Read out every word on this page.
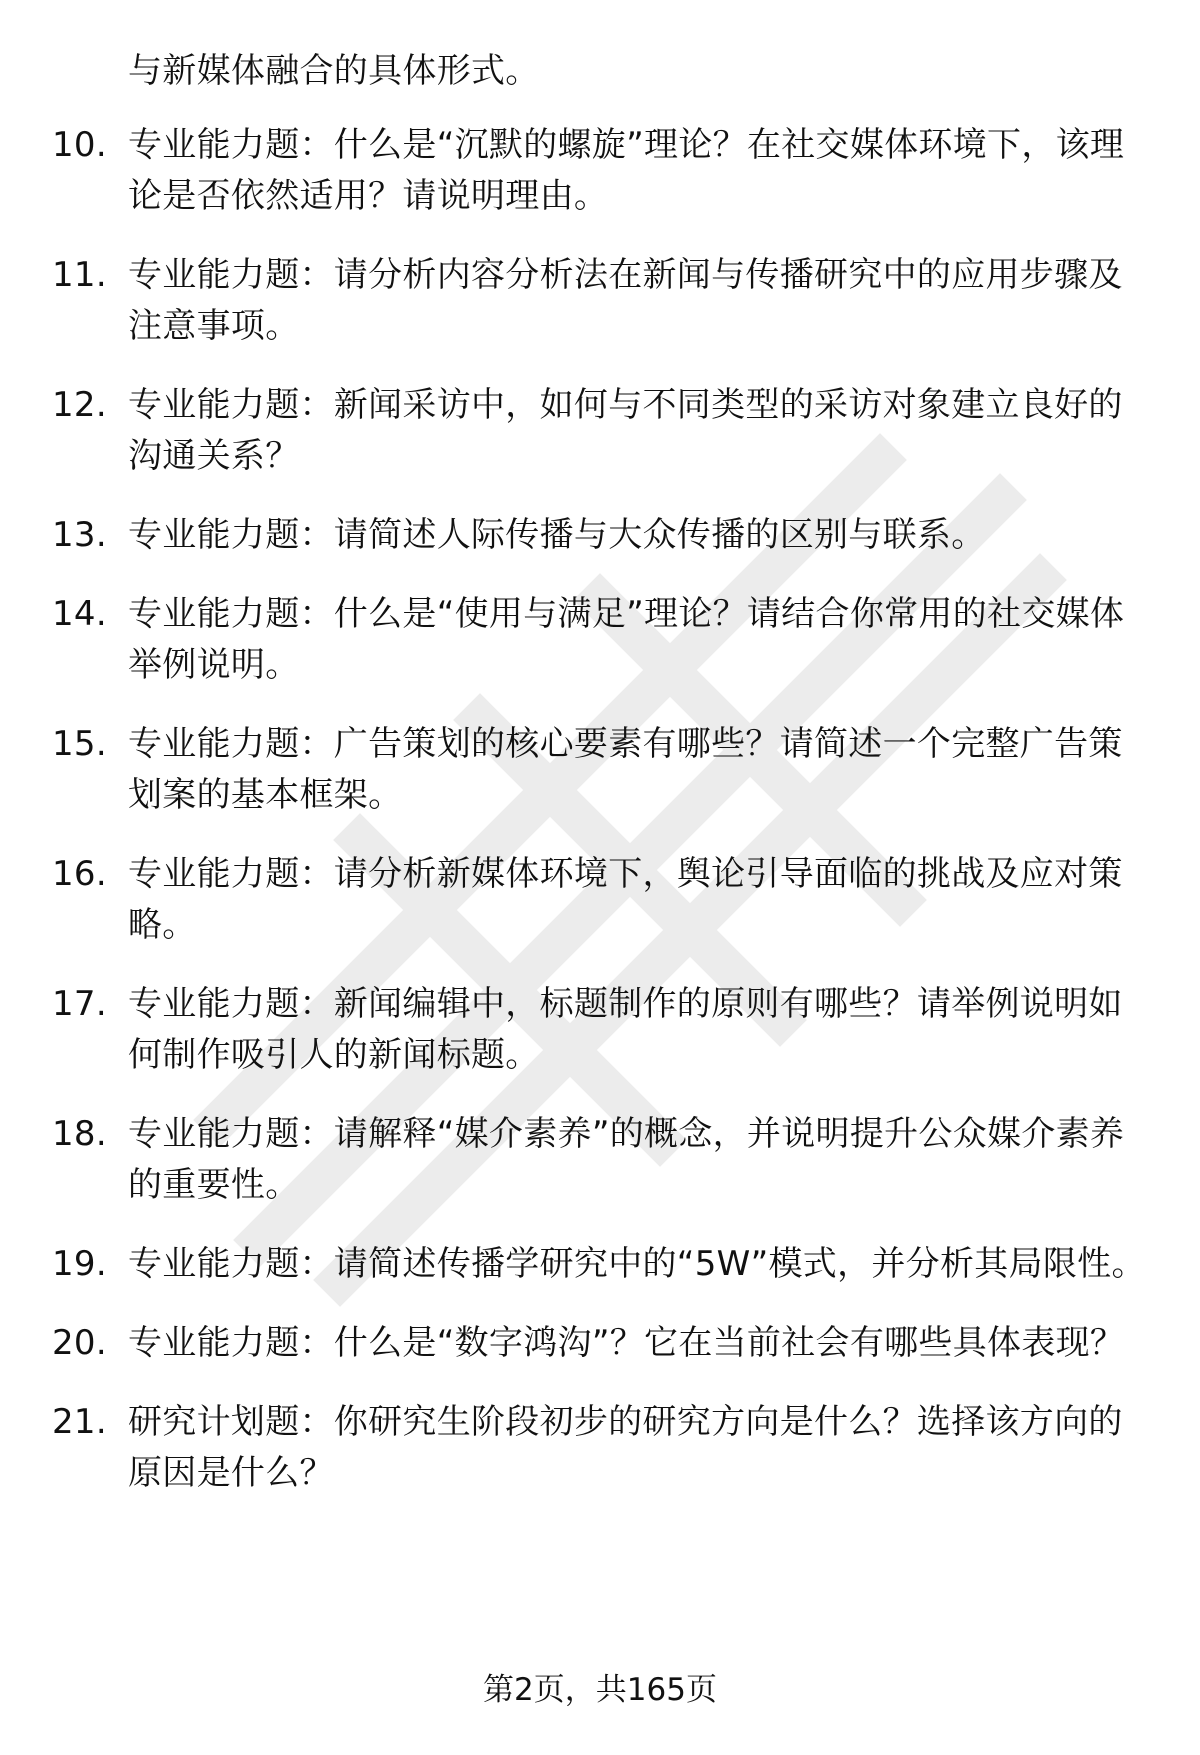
与新媒体融合的具体形式。
10. 专业能力题：什么是“沉默的螺旋”理论？在社交媒体环境下，该理论是否依然适用？请说明理由。
11. 专业能力题：请分析内容分析法在新闻与传播研究中的应用步骤及注意事项。
12. 专业能力题：新闻采访中，如何与不同类型的采访对象建立良好的沟通关系？
13. 专业能力题：请简述人际传播与大众传播的区别与联系。
14. 专业能力题：什么是“使用与满足”理论？请结合你常用的社交媒体举例说明。
15. 专业能力题：广告策划的核心要素有哪些？请简述一个完整广告策划案的基本框架。
16. 专业能力题：请分析新媒体环境下，舆论引导面临的挑战及应对策略。
17. 专业能力题：新闻编辑中，标题制作的原则有哪些？请举例说明如何制作吸引人的新闻标题。
18. 专业能力题：请解释“媒介素养”的概念，并说明提升公众媒介素养的重要性。
19. 专业能力题：请简述传播学研究中的“5W”模式，并分析其局限性。
20. 专业能力题：什么是“数字鸿沟”？它在当前社会有哪些具体表现？
21. 研究计划题：你研究生阶段初步的研究方向是什么？选择该方向的原因是什么？
第2页，共165页
